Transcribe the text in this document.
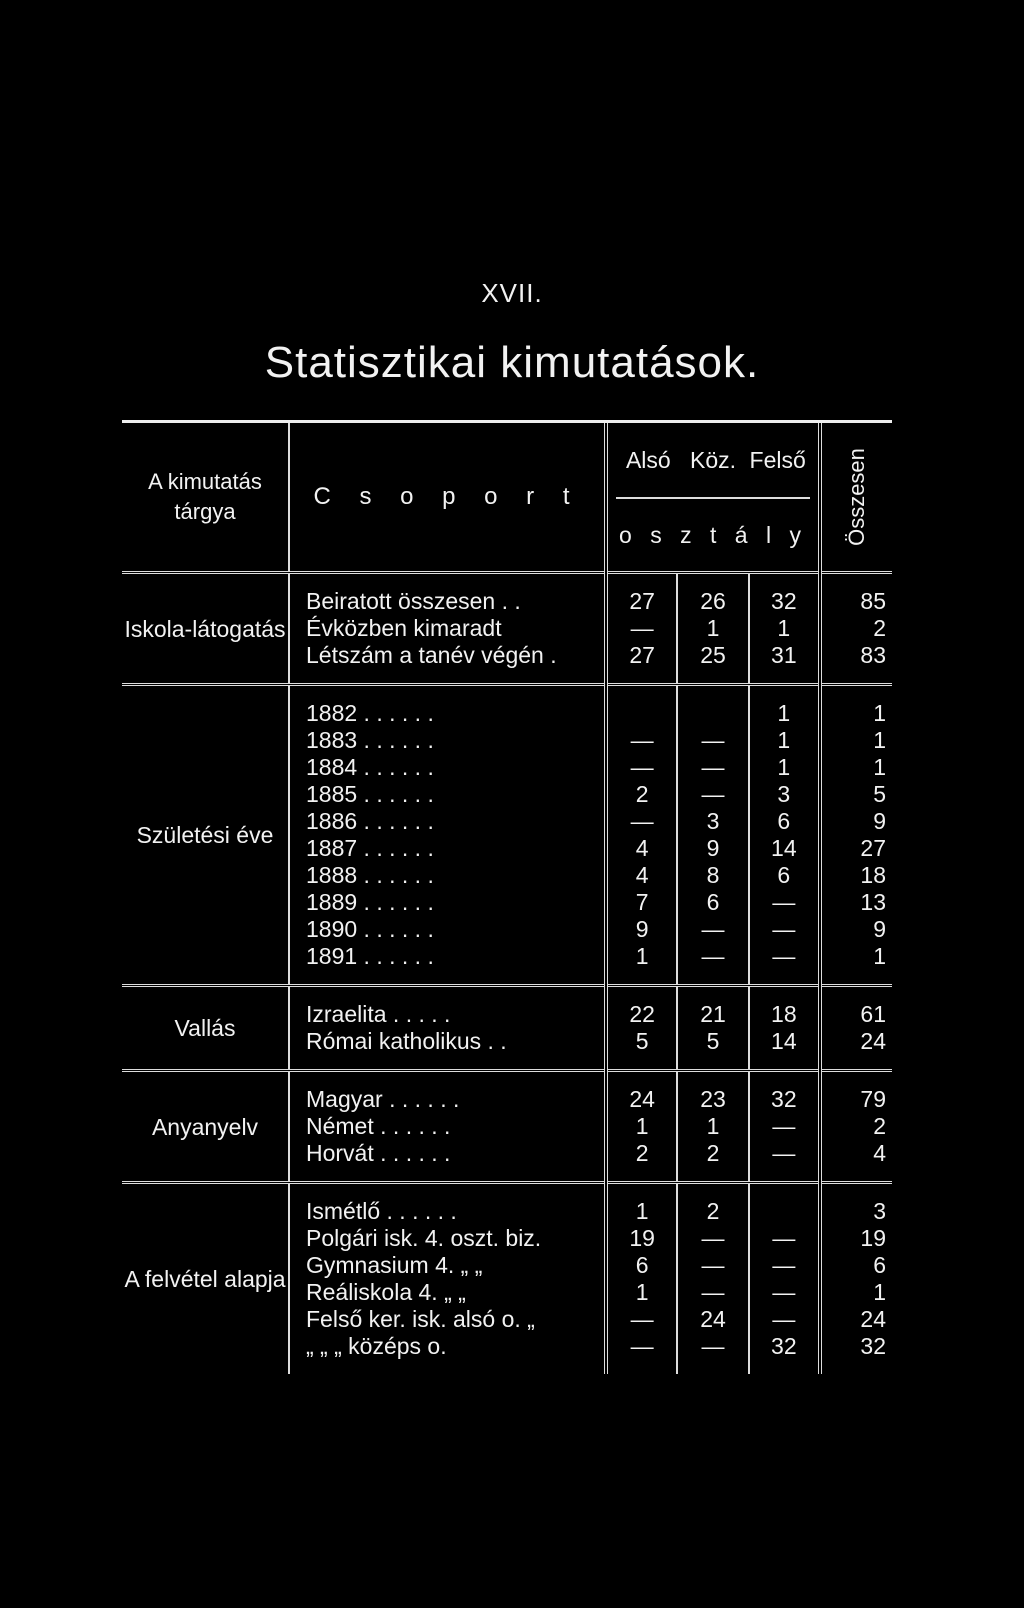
XVII.
Statisztikai kimutatások.
A kimutatás tárgya	C s o p o r t	Alsó Köz. Felső
o s z t á l y			Összesen

Iskola-látogatás	Beiratott összesen . .	27	26	32	85
	Évközben kimaradt	—	1	1	2
	Létszám a tanév végén .	27	25	31	83

Születési éve	1882 . . . . . .			1	1
	1883 . . . . . .	—	—	1	1
	1884 . . . . . .	—	—	1	1
	1885 . . . . . .	2	—	3	5
	1886 . . . . . .	—	3	6	9
	1887 . . . . . .	4	9	14	27
	1888 . . . . . .	4	8	6	18
	1889 . . . . . .	7	6	—	13
	1890 . . . . . .	9	—	—	9
	1891 . . . . . .	1	—	—	1

Vallás	Izraelita . . . . .	22	21	18	61
	Római katholikus . .	5	5	14	24

Anyanyelv	Magyar . . . . . .	24	23	32	79
	Német . . . . . .	1	1	—	2
	Horvát . . . . . .	2	2	—	4

A felvétel alapja	Ismétlő . . . . . .	1	2		3
	Polgári isk. 4. oszt. biz.	19	—	—	19
	Gymnasium 4. „ „	6	—	—	6
	Reáliskola 4. „ „	1	—	—	1
	Felső ker. isk. alsó o. „	—	24	—	24
	„ „ „ középs o.	—	—	32	32
